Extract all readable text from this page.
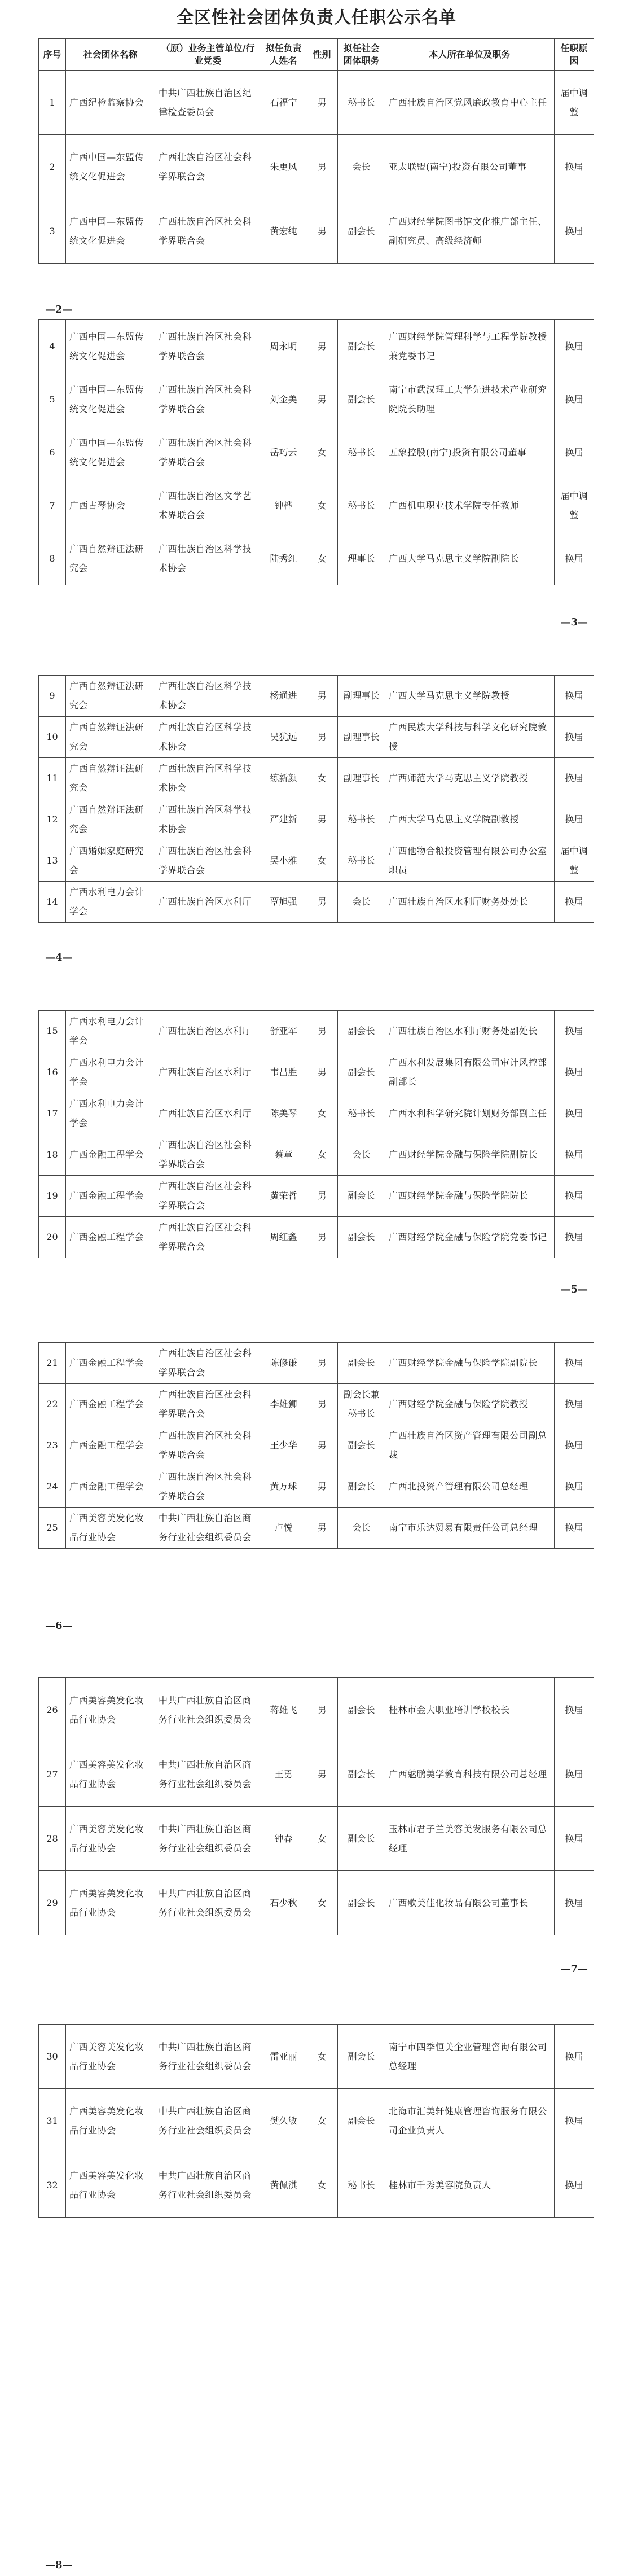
全区性社会团体负责人任职公示名单
序号	社会团体名称	（原）业务主管单位/行业党委	拟任负责人姓名	性别	拟任社会团体职务	本人所在单位及职务	任职原因
1	广西纪检监察协会	中共广西壮族自治区纪律检查委员会	石福宁	男	秘书长	广西壮族自治区党风廉政教育中心主任	届中调整
2	广西中国—东盟传统文化促进会	广西壮族自治区社会科学界联合会	朱更风	男	会长	亚太联盟(南宁)投资有限公司董事	换届
3	广西中国—东盟传统文化促进会	广西壮族自治区社会科学界联合会	黄宏纯	男	副会长	广西财经学院图书馆文化推广部主任、副研究员、高级经济师	换届
—2—
4	广西中国—东盟传统文化促进会	广西壮族自治区社会科学界联合会	周永明	男	副会长	广西财经学院管理科学与工程学院教授兼党委书记	换届
5	广西中国—东盟传统文化促进会	广西壮族自治区社会科学界联合会	刘金美	男	副会长	南宁市武汉理工大学先进技术产业研究院院长助理	换届
6	广西中国—东盟传统文化促进会	广西壮族自治区社会科学界联合会	岳巧云	女	秘书长	五象控股(南宁)投资有限公司董事	换届
7	广西古琴协会	广西壮族自治区文学艺术界联合会	钟桦	女	秘书长	广西机电职业技术学院专任教师	届中调整
8	广西自然辩证法研究会	广西壮族自治区科学技术协会	陆秀红	女	理事长	广西大学马克思主义学院副院长	换届
—3—
9	广西自然辩证法研究会	广西壮族自治区科学技术协会	杨通进	男	副理事长	广西大学马克思主义学院教授	换届
10	广西自然辩证法研究会	广西壮族自治区科学技术协会	吴犹远	男	副理事长	广西民族大学科技与科学文化研究院教授	换届
11	广西自然辩证法研究会	广西壮族自治区科学技术协会	练新颜	女	副理事长	广西师范大学马克思主义学院教授	换届
12	广西自然辩证法研究会	广西壮族自治区科学技术协会	严建新	男	秘书长	广西大学马克思主义学院副教授	换届
13	广西婚姻家庭研究会	广西壮族自治区社会科学界联合会	吴小雅	女	秘书长	广西他物合粮投资管理有限公司办公室职员	届中调整
14	广西水利电力会计学会	广西壮族自治区水利厅	覃旭强	男	会长	广西壮族自治区水利厅财务处处长	换届
—4—
15	广西水利电力会计学会	广西壮族自治区水利厅	舒亚军	男	副会长	广西壮族自治区水利厅财务处副处长	换届
16	广西水利电力会计学会	广西壮族自治区水利厅	韦昌胜	男	副会长	广西水利发展集团有限公司审计风控部副部长	换届
17	广西水利电力会计学会	广西壮族自治区水利厅	陈美琴	女	秘书长	广西水利科学研究院计划财务部副主任	换届
18	广西金融工程学会	广西壮族自治区社会科学界联合会	蔡章	女	会长	广西财经学院金融与保险学院副院长	换届
19	广西金融工程学会	广西壮族自治区社会科学界联合会	黄荣哲	男	副会长	广西财经学院金融与保险学院院长	换届
20	广西金融工程学会	广西壮族自治区社会科学界联合会	周红鑫	男	副会长	广西财经学院金融与保险学院党委书记	换届
—5—
21	广西金融工程学会	广西壮族自治区社会科学界联合会	陈修谦	男	副会长	广西财经学院金融与保险学院副院长	换届
22	广西金融工程学会	广西壮族自治区社会科学界联合会	李雄狮	男	副会长兼秘书长	广西财经学院金融与保险学院教授	换届
23	广西金融工程学会	广西壮族自治区社会科学界联合会	王少华	男	副会长	广西壮族自治区资产管理有限公司副总裁	换届
24	广西金融工程学会	广西壮族自治区社会科学界联合会	黄万球	男	副会长	广西北投资产管理有限公司总经理	换届
25	广西美容美发化妆品行业协会	中共广西壮族自治区商务行业社会组织委员会	卢悦	男	会长	南宁市乐达贸易有限责任公司总经理	换届
—6—
26	广西美容美发化妆品行业协会	中共广西壮族自治区商务行业社会组织委员会	蒋雄飞	男	副会长	桂林市金大职业培训学校校长	换届
27	广西美容美发化妆品行业协会	中共广西壮族自治区商务行业社会组织委员会	王勇	男	副会长	广西魅鹏美学教育科技有限公司总经理	换届
28	广西美容美发化妆品行业协会	中共广西壮族自治区商务行业社会组织委员会	钟春	女	副会长	玉林市君子兰美容美发服务有限公司总经理	换届
29	广西美容美发化妆品行业协会	中共广西壮族自治区商务行业社会组织委员会	石少秋	女	副会长	广西歌美佳化妆品有限公司董事长	换届
—7—
30	广西美容美发化妆品行业协会	中共广西壮族自治区商务行业社会组织委员会	雷亚丽	女	副会长	南宁市四季恒美企业管理咨询有限公司总经理	换届
31	广西美容美发化妆品行业协会	中共广西壮族自治区商务行业社会组织委员会	樊久敏	女	副会长	北海市汇美轩健康管理咨询服务有限公司企业负责人	换届
32	广西美容美发化妆品行业协会	中共广西壮族自治区商务行业社会组织委员会	黄佩淇	女	秘书长	桂林市千秀美容院负责人	换届
—8—
